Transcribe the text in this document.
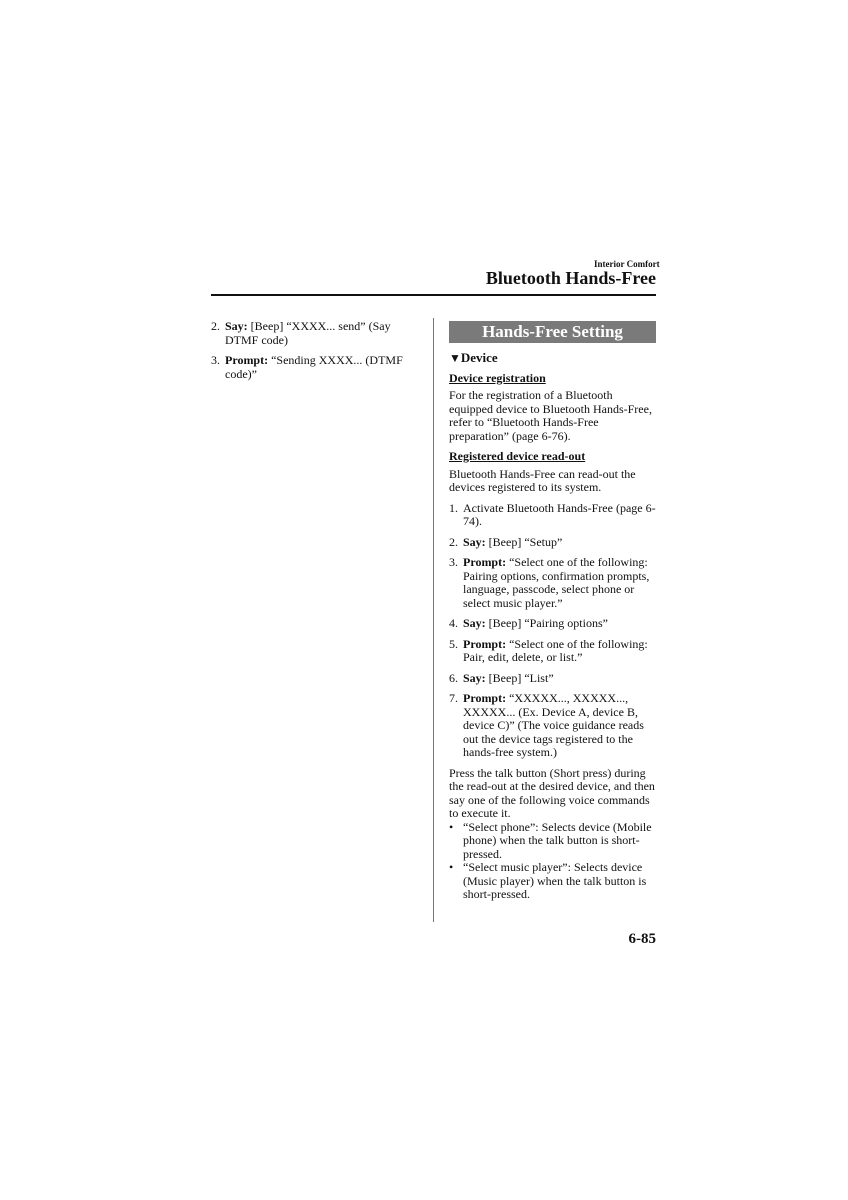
Interior Comfort
Bluetooth Hands-Free
2. Say: [Beep] “XXXX... send” (Say DTMF code)
3. Prompt: “Sending XXXX... (DTMF code)”
Hands-Free Setting
▼Device
Device registration
For the registration of a Bluetooth equipped device to Bluetooth Hands-Free, refer to “Bluetooth Hands-Free preparation” (page 6-76).
Registered device read-out
Bluetooth Hands-Free can read-out the devices registered to its system.
1. Activate Bluetooth Hands-Free (page 6-74).
2. Say: [Beep] “Setup”
3. Prompt: “Select one of the following: Pairing options, confirmation prompts, language, passcode, select phone or select music player.”
4. Say: [Beep] “Pairing options”
5. Prompt: “Select one of the following: Pair, edit, delete, or list.”
6. Say: [Beep] “List”
7. Prompt: “XXXXX..., XXXXX..., XXXXX... (Ex. Device A, device B, device C)” (The voice guidance reads out the device tags registered to the hands-free system.)
Press the talk button (Short press) during the read-out at the desired device, and then say one of the following voice commands to execute it.
• “Select phone”: Selects device (Mobile phone) when the talk button is short-pressed.
• “Select music player”: Selects device (Music player) when the talk button is short-pressed.
6-85
